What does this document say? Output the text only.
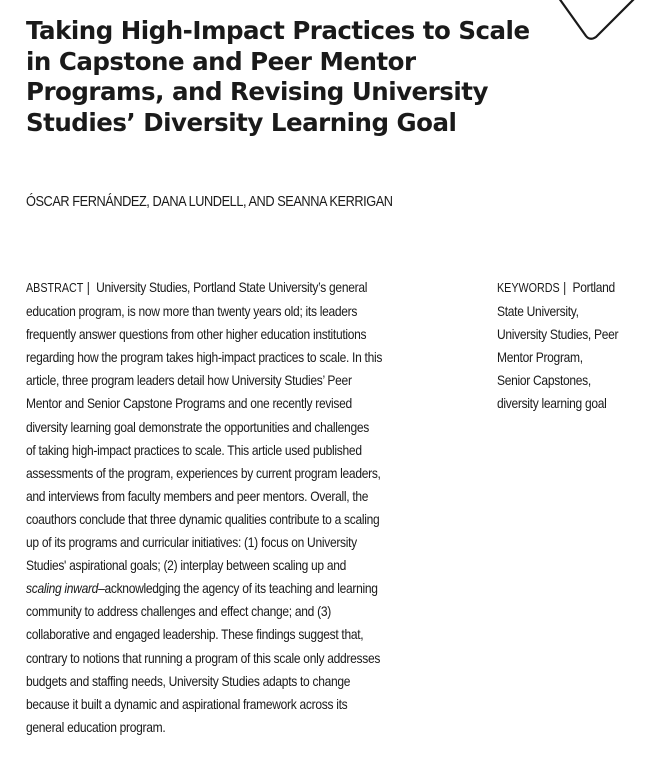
Taking High-Impact Practices to Scale
in Capstone and Peer Mentor
Programs, and Revising University
Studies’ Diversity Learning Goal
ÓSCAR FERNÁNDEZ, DANA LUNDELL, AND SEANNA KERRIGAN
ABSTRACT | University Studies, Portland State University’s general
education program, is now more than twenty years old; its leaders
frequently answer questions from other higher education institutions
regarding how the program takes high-impact practices to scale. In this
article, three program leaders detail how University Studies’ Peer
Mentor and Senior Capstone Programs and one recently revised
diversity learning goal demonstrate the opportunities and challenges
of taking high-impact practices to scale. This article used published
assessments of the program, experiences by current program leaders,
and interviews from faculty members and peer mentors. Overall, the
coauthors conclude that three dynamic qualities contribute to a scaling
up of its programs and curricular initiatives: (1) focus on University
Studies' aspirational goals; (2) interplay between scaling up and
scaling inward–acknowledging the agency of its teaching and learning
community to address challenges and effect change; and (3)
collaborative and engaged leadership. These findings suggest that,
contrary to notions that running a program of this scale only addresses
budgets and staffing needs, University Studies adapts to change
because it built a dynamic and aspirational framework across its
general education program.
KEYWORDS | Portland
State University,
University Studies, Peer
Mentor Program,
Senior Capstones,
diversity learning goal
